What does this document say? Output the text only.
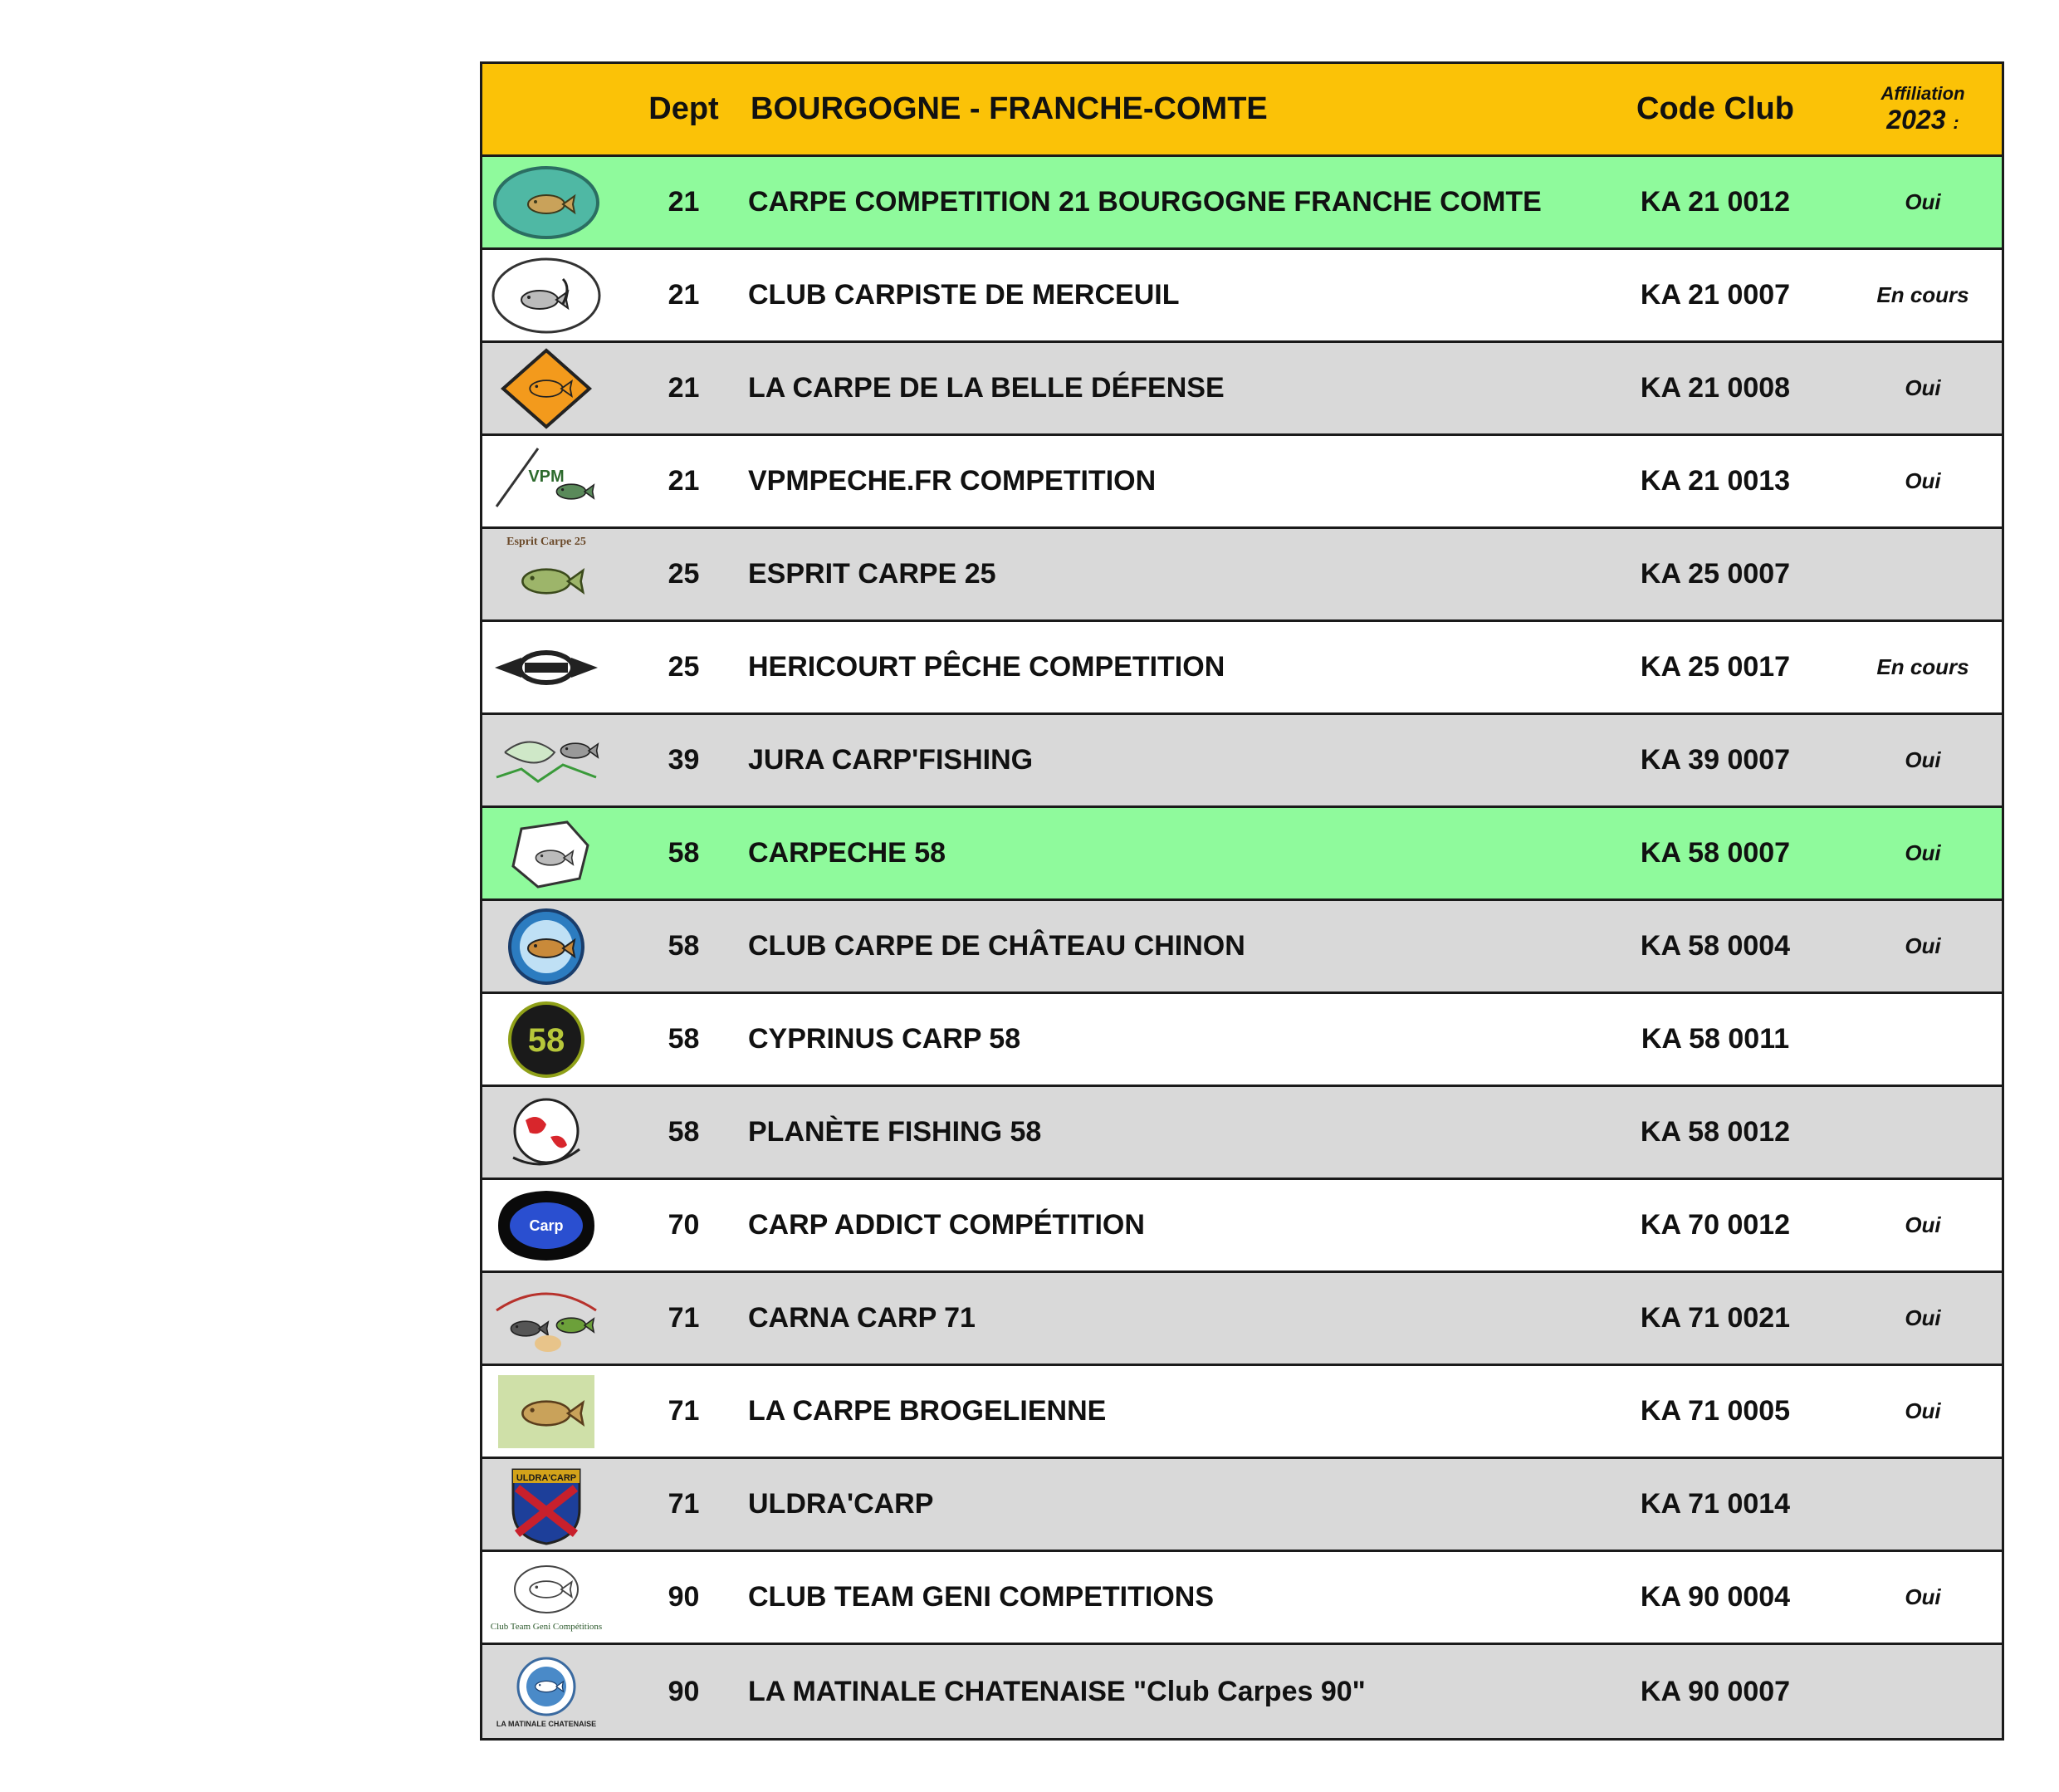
Dept	BOURGOGNE - FRANCHE-COMTE	Code Club	Affiliation
2023 :
21	CARPE COMPETITION 21 BOURGOGNE FRANCHE COMTE	KA 21 0012	Oui
21	CLUB CARPISTE DE MERCEUIL	KA 21 0007	En cours
21	LA CARPE DE LA BELLE DÉFENSE	KA 21 0008	Oui
VPM	21	VPMPECHE.FR COMPETITION	KA 21 0013	Oui
Esprit Carpe 25
25	ESPRIT CARPE 25	KA 25 0007
25	HERICOURT PÊCHE COMPETITION	KA 25 0017	En cours
39	JURA CARP'FISHING	KA 39 0007	Oui
58	CARPECHE 58	KA 58 0007	Oui
58	CLUB CARPE DE CHÂTEAU CHINON	KA 58 0004	Oui
58	58	CYPRINUS CARP 58	KA 58 0011
58	PLANÈTE FISHING 58	KA 58 0012
Carp	70	CARP ADDICT COMPÉTITION	KA 70 0012	Oui
71	CARNA CARP 71	KA 71 0021	Oui
71	LA CARPE BROGELIENNE	KA 71 0005	Oui
ULDRA'CARP
71	ULDRA'CARP	KA 71 0014
Club Team Geni Compétitions
90	CLUB TEAM GENI COMPETITIONS	KA 90 0004	Oui
LA MATINALE CHATENAISE
90	LA MATINALE CHATENAISE "Club Carpes 90"	KA 90 0007
